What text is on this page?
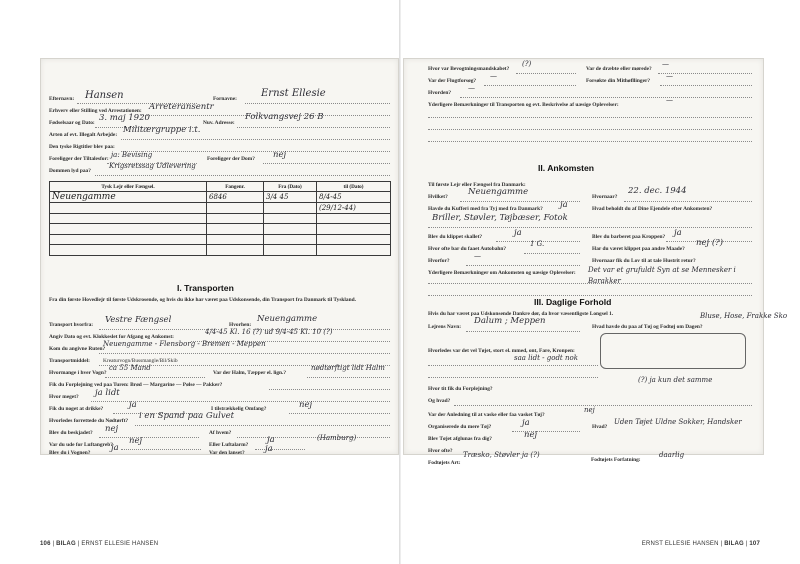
Efternavn: Hansen	Fornavne: Ernst Ellesie
Erhverv eller Stilling ved Arrestationen: Arreteransentr
Fødselsaar og Dato: 3. maj 1920	Nuv. Adresse:
Folkvangsvej 26 B
Arten af evt. Illegalt Arbejde: Militærgruppe i.t.
Den tyske Rigtitler blev paa:
Foreligger der Tiltalesfor: ja: Bevising	Foreligger der Dom? nej
Dommen lyd paa?
Krigsretssag Udlevering
Tysk Lejr eller Fængsel.	Fangenr.	Fra (Dato)	til (Dato)
Neuengamme	6846	3/4 45	8/4-45
			(29/12-44)

I. Transporten
Fra din første Hovedlejr til første Udskrosende, og hvis du ikke har været paa Udskonsende, din Transport fra Danmark til Tyskland.
Transport hvorfra: Vestre Fængsel	Hvorhen:
Neuengamme
Angiv Dato og evt. Klokkeslet for Afgang og Ankomst:
4/4-45 Kl. 16 (?) ud 9/4-45 Kl. 10 (?)
Kom du angivne Ruten?
Neuengamme - Flensborg - Bremen - Meppen
Transportmiddel: Kreaturvogn/Bussmangle/Bil/Skib
Hvormange i hver Vogn?
ca 55 Mand
Var der Halm, Tæpper el. lign.?
nødtørftigt lidt Halm
Fik du Forplejning ved paa Turen: Brød — Margarine — Pølse — Pakker?
Hvor meget? ja lidt
Fik du noget at drikke?	ja	I tilstrækkelig Omfang?	nej
Hvorledes forrettede du Nødtørft? i en Spand paa Gulvet
Blev du beskjadet? nej	Af hvem?
Var du ude for Luftangreb? nej	Eller Luftalarm? ja	(Hamburg)
Blev du i Vognen? ja	Var den lanset? ja
106 | BILAG | ERNST ELLESIE HANSEN
Hvor var Bevogtningsmandskabet?
(?)
Var de dræbte eller mørede?
—
Var der Flugtforsøg?
—
Forsøkte din Mithøfllinger?
—
Hvorden?
—
Yderligere Bemærkninger til Transporten og evt. Beskrivelse af uæsige Oplevelser:
—
II. Ankomsten
Til første Lejr eller Fængsel fra Danmark:
Hvilket? Neuengamme	Hvornaar?
22. dec. 1944
Havde du Kufferi med fra Tyj med fra Danmark? ja	Hvad beholdt du af Dine Ejendele efter Ankomsten?
Briller, Støvler, Tøjbæser, Fotok
Blev du klippet skallet?	ja	Blev du barberet paa Kroppen? ja
Hvor ofte bar du faaet Autobahn?
1 G.
Har du været klippet paa andre Maade?
nej (?)
Hvorfor?
—
Hvornaar fik du Lov til at tale Hustrit retur?
Yderligere Bemærkninger om Ankomsten og uæsige Oplevelser: Det var et grufuldt Syn at se Mennesker i Barakker
III. Daglige Forhold
Hvis du har været paa Udskonsende Dankre dør, da hvor væsentligste Longsel 1.
Lejrens Navn:
Dalum ; Meppen
Hvad havde du paa af Tøj og Fodtøj om Dagen?
Bluse, Hose, Frakke Sko
Hvorledes var det vel Tøjet, stort el. mmed, ont, Fare, Kronpen:
saa lidt - godt nok
Hvor tit fik du Forplejning?
(?) ja kun det samme
Og hvad?
Var der Anledning til at vaske eller faa vasket Tøj?
nej
Organiserede du mere Tøj?	ja	Hvad?
Uden Tøjet Uldne Sokker, Handsker
Blev Tøjet afglunas fra dig?	nej
Hvor ofte?
Fodtøjets Art:
Træsko, Støvler ja (?)
Fodtøjets Forfatning:
daarlig
ERNST ELLESIE HANSEN | BILAG | 107
